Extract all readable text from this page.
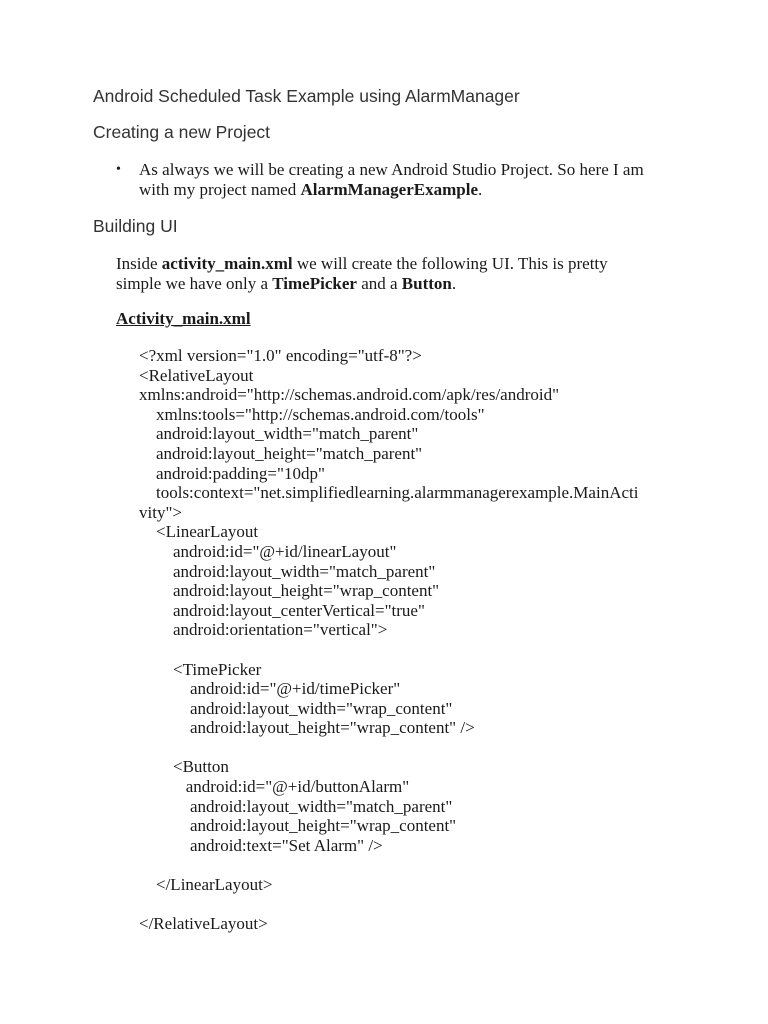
Android Scheduled Task Example using AlarmManager
Creating a new Project
• As always we will be creating a new Android Studio Project. So here I am with my project named AlarmManagerExample.
Building UI

Inside activity_main.xml we will create the following UI. This is pretty simple we have only a TimePicker and a Button.

Activity_main.xml
<?xml version="1.0" encoding="utf-8"?>
<RelativeLayout
xmlns:android="http://schemas.android.com/apk/res/android"
xmlns:tools="http://schemas.android.com/tools"
android:layout_width="match_parent"
android:layout_height="match_parent"
android:padding="10dp"
tools:context="net.simplifiedlearning.alarmmanagerexample.MainActi
vity">
<LinearLayout
android:id="@+id/linearLayout"
android:layout_width="match_parent"
android:layout_height="wrap_content"
android:layout_centerVertical="true"
android:orientation="vertical">
<TimePicker
android:id="@+id/timePicker"
android:layout_width="wrap_content"
android:layout_height="wrap_content" />
<Button
android:id="@+id/buttonAlarm"
android:layout_width="match_parent"
android:layout_height="wrap_content"
android:text="Set Alarm" />
</LinearLayout>
</RelativeLayout>
